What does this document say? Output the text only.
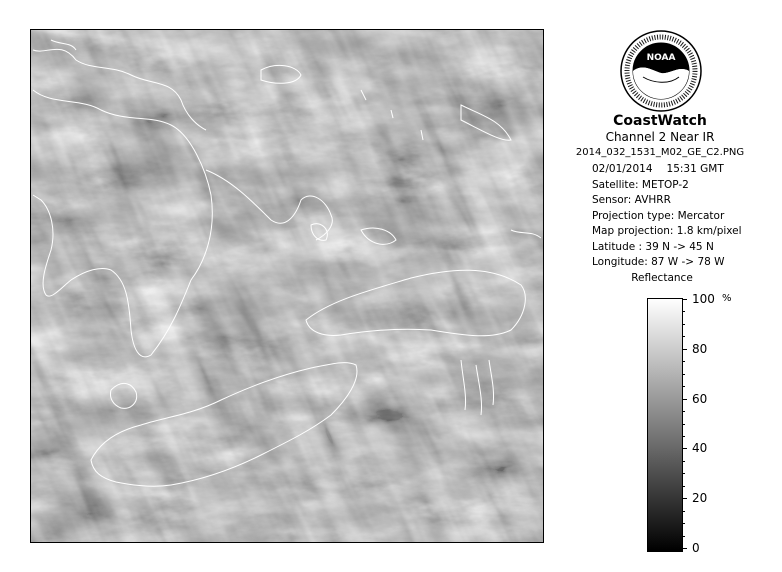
NOAA
CoastWatch
Channel 2 Near IR
2014_032_1531_M02_GE_C2.PNG
02/01/2014 15:31 GMT
Satellite: METOP-2
Sensor: AVHRR
Projection type: Mercator
Map projection: 1.8 km/pixel
Latitude : 39 N -> 45 N
Longitude: 87 W -> 78 W
Reflectance
%
100
80
60
40
20
0
